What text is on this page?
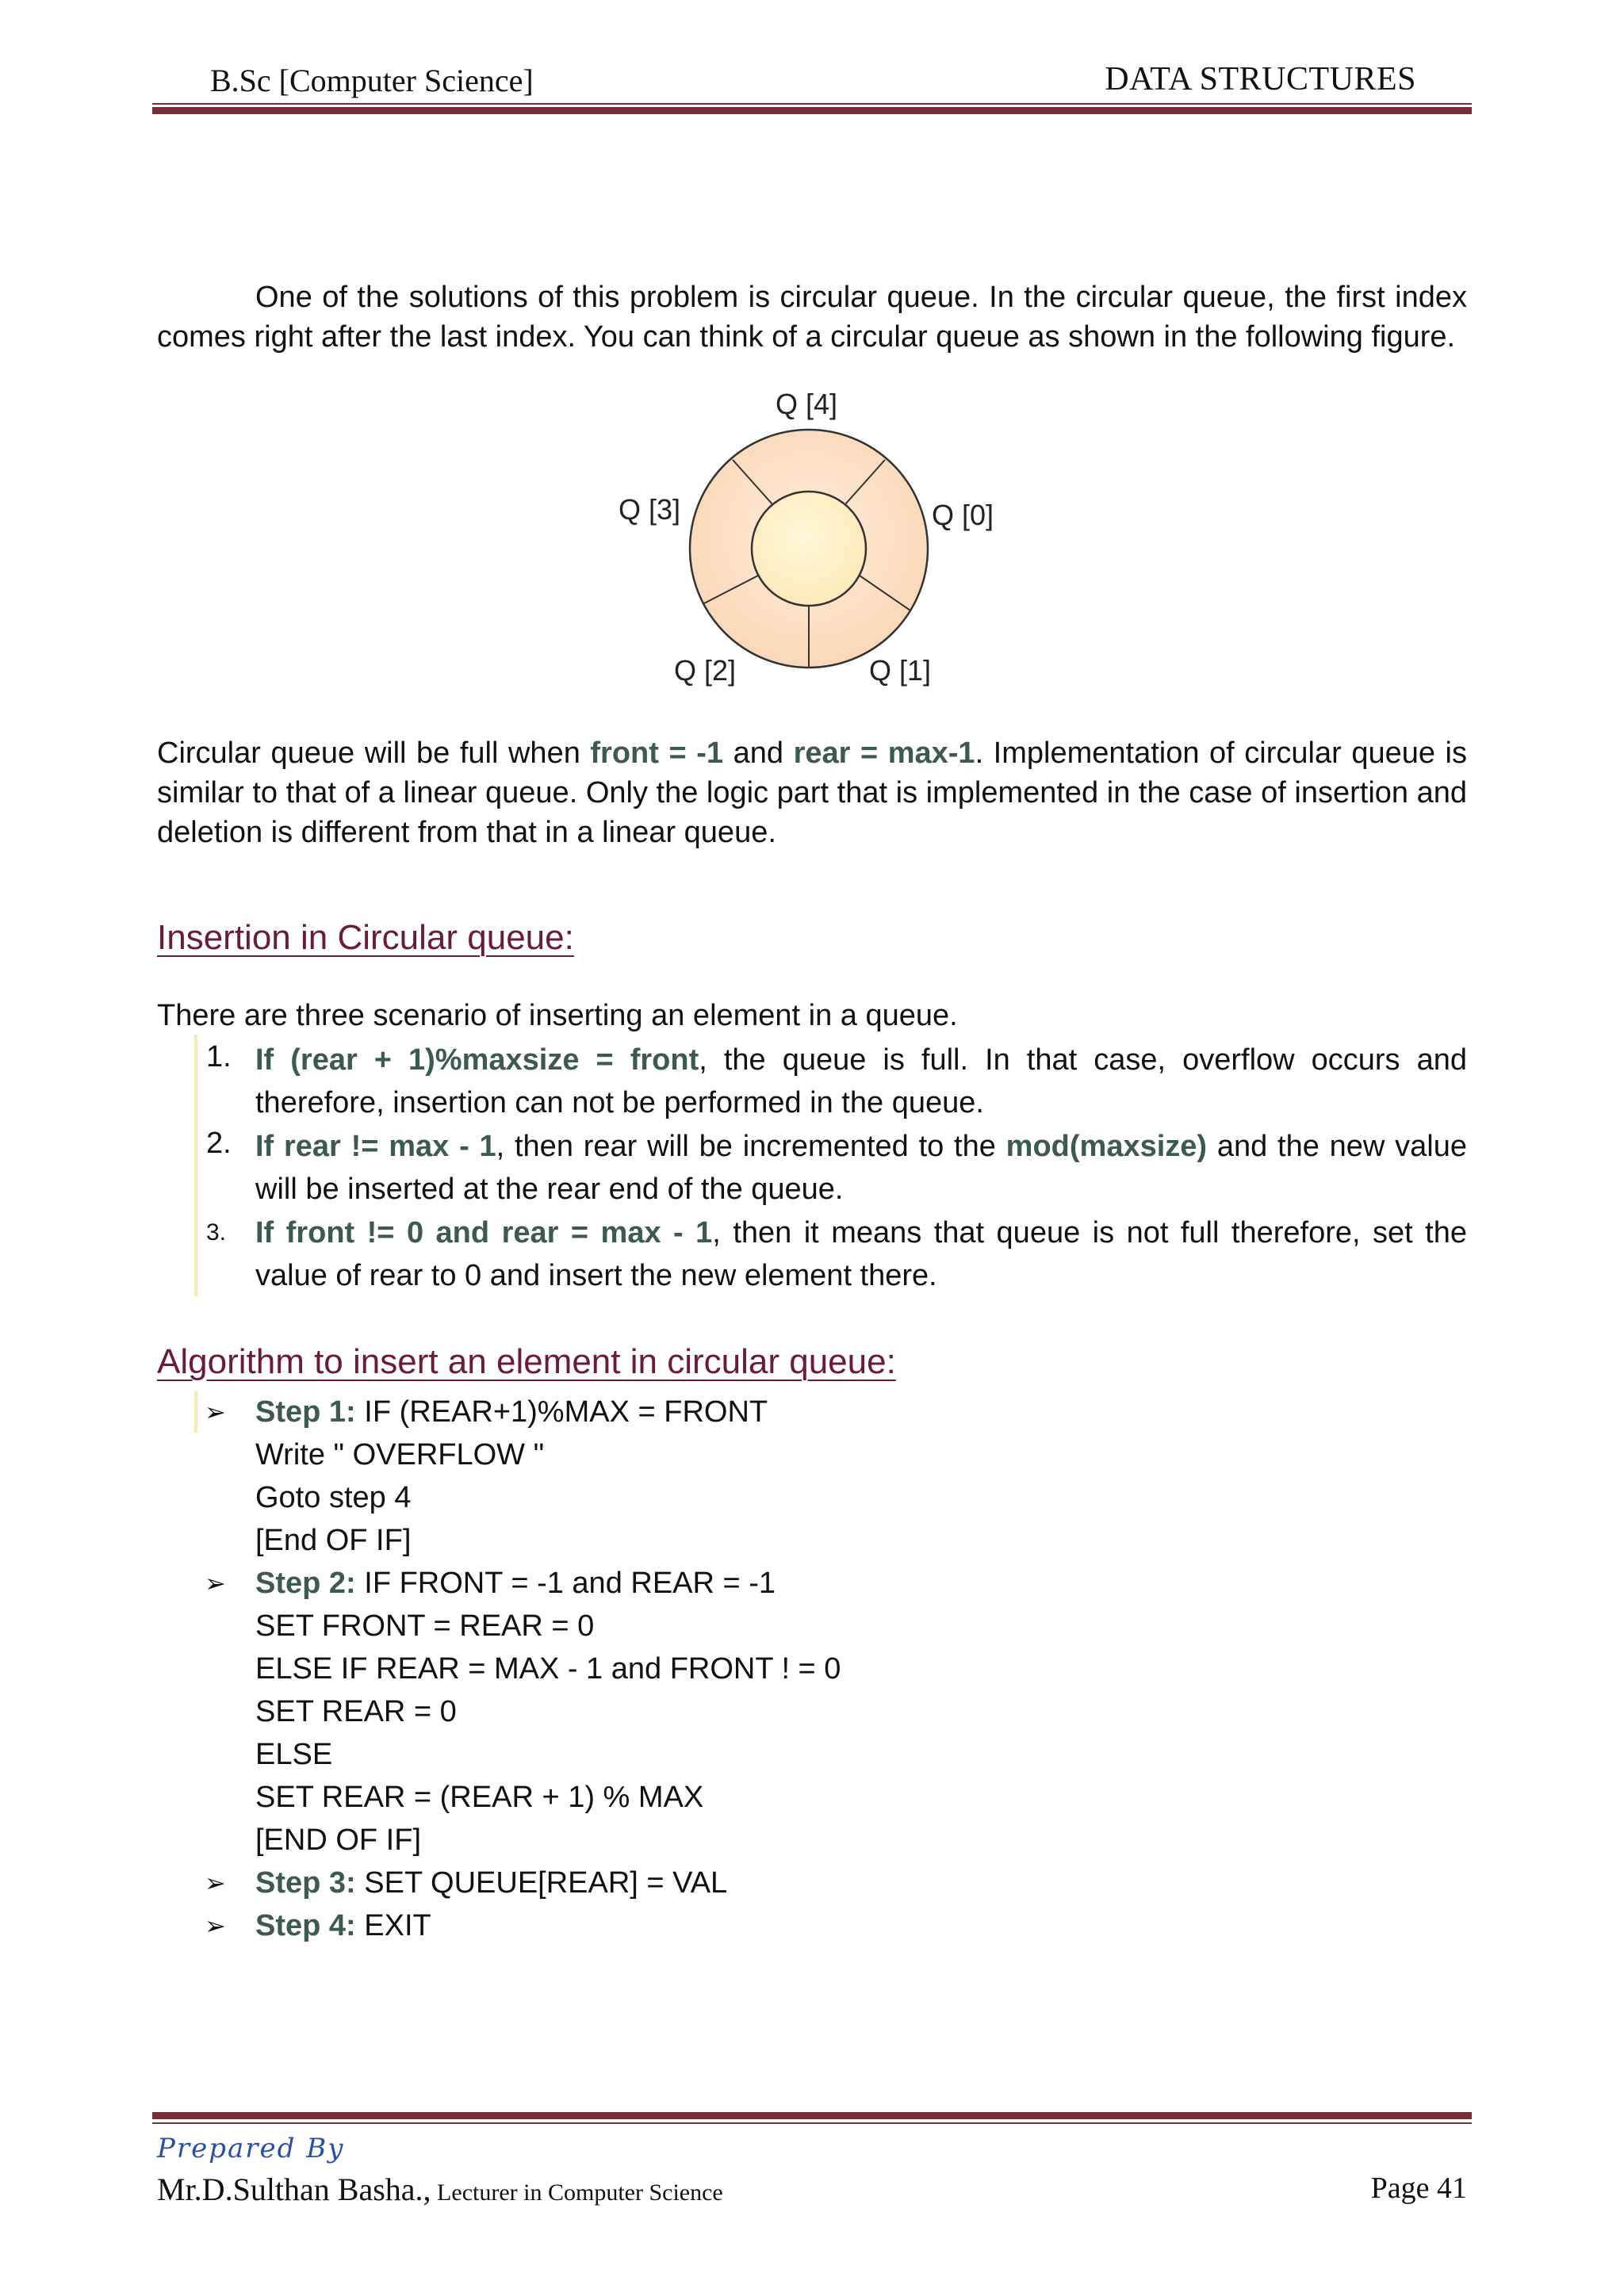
B.Sc [Computer Science]	DATA STRUCTURES
One of the solutions of this problem is circular queue. In the circular queue, the first index comes right after the last index. You can think of a circular queue as shown in the following figure.
Q [4]
Q [0]
Q [1]
Q [2]
Q [3]
Circular queue will be full when front = -1 and rear = max-1. Implementation of circular queue is similar to that of a linear queue. Only the logic part that is implemented in the case of insertion and deletion is different from that in a linear queue.
Insertion in Circular queue:
There are three scenario of inserting an element in a queue.
1. If (rear + 1)%maxsize = front, the queue is full. In that case, overflow occurs and therefore, insertion can not be performed in the queue.
2. If rear != max - 1, then rear will be incremented to the mod(maxsize) and the new value will be inserted at the rear end of the queue.
3. If front != 0 and rear = max - 1, then it means that queue is not full therefore, set the value of rear to 0 and insert the new element there.
Algorithm to insert an element in circular queue:
➢ Step 1: IF (REAR+1)%MAX = FRONT
Write " OVERFLOW "
Goto step 4
[End OF IF]
➢ Step 2: IF FRONT = -1 and REAR = -1
SET FRONT = REAR = 0
ELSE IF REAR = MAX - 1 and FRONT ! = 0
SET REAR = 0
ELSE
SET REAR = (REAR + 1) % MAX
[END OF IF]
➢ Step 3: SET QUEUE[REAR] = VAL
➢ Step 4: EXIT
Prepared By
Mr.D.Sulthan Basha., Lecturer in Computer Science	Page 41
